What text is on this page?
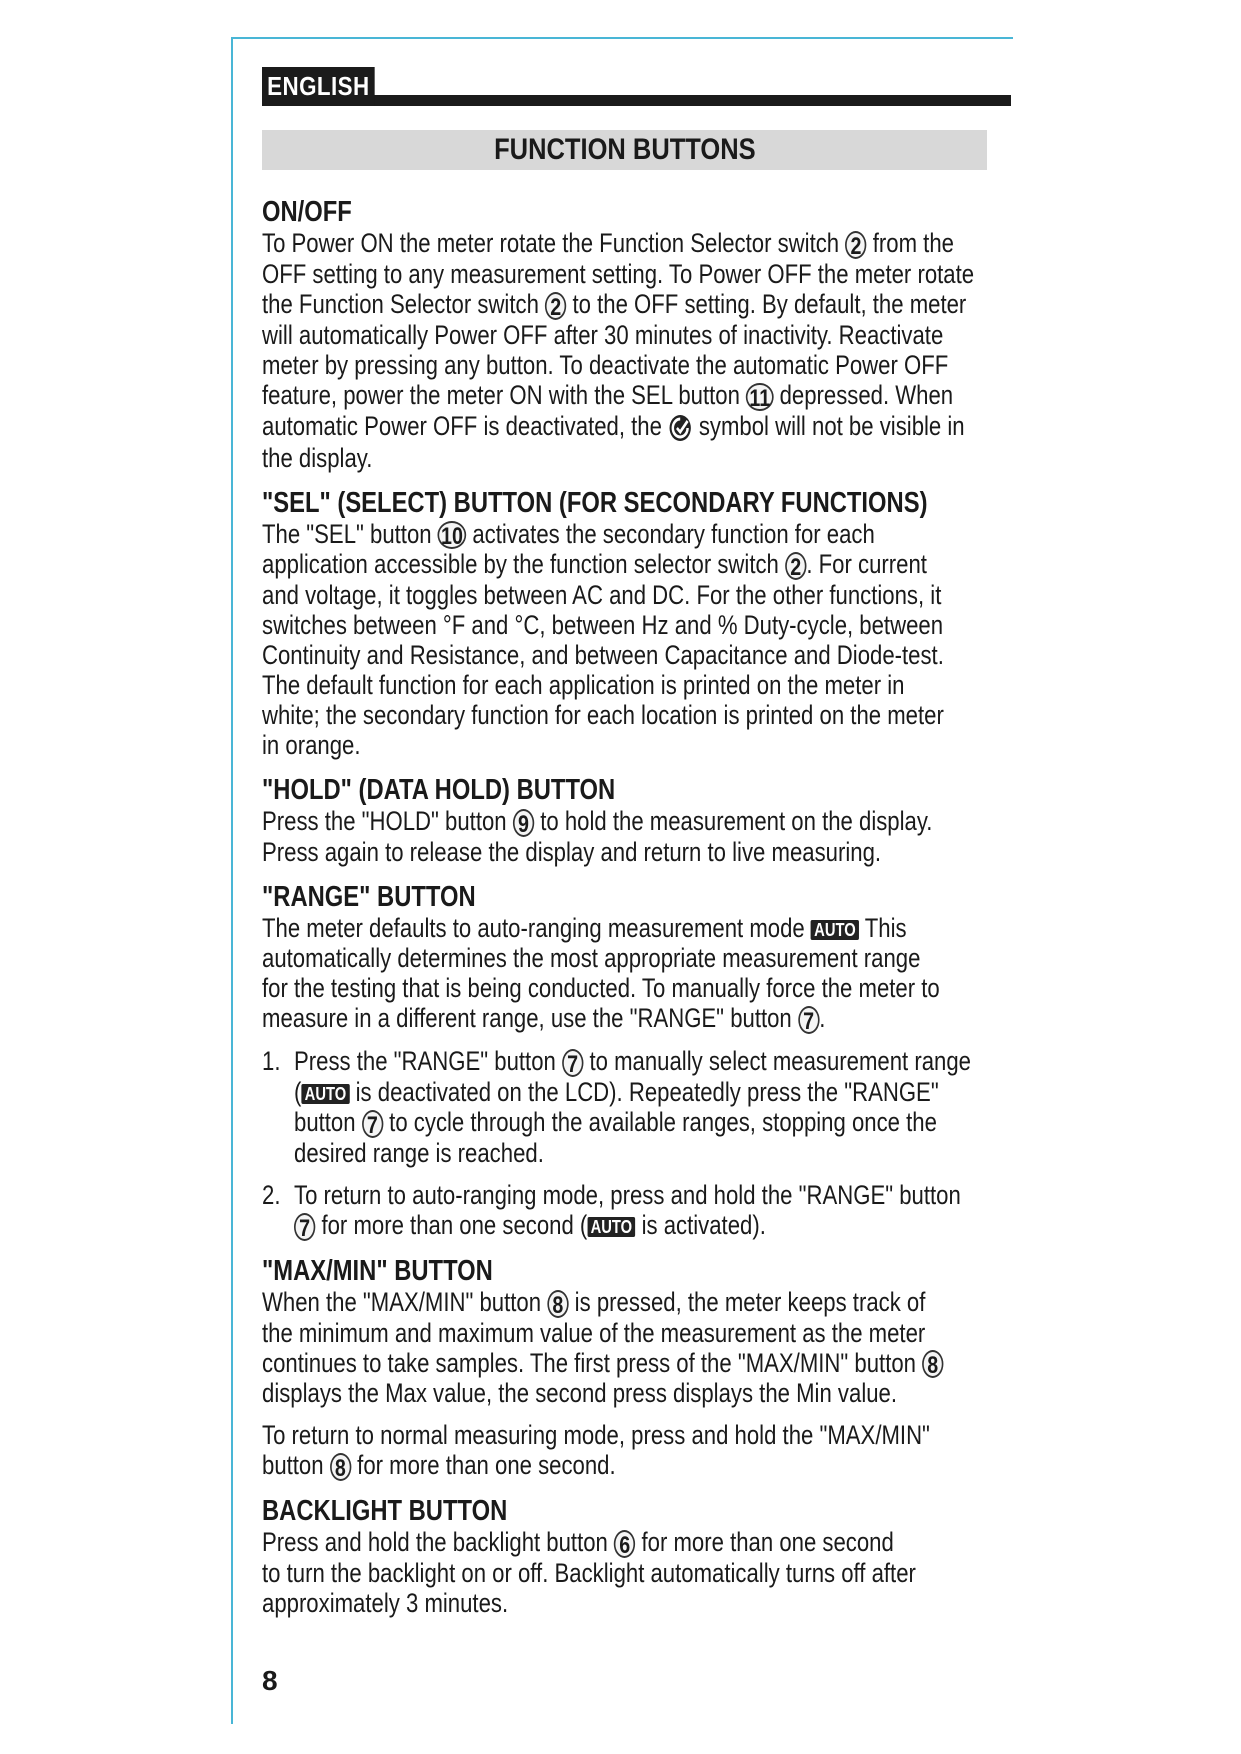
ENGLISH
FUNCTION BUTTONS
ON/OFF

To Power ON the meter rotate the Function Selector switch 2 from the

OFF setting to any measurement setting. To Power OFF the meter rotate

the Function Selector switch 2 to the OFF setting. By default, the meter

will automatically Power OFF after 30 minutes of inactivity. Reactivate

meter by pressing any button. To deactivate the automatic Power OFF

feature, power the meter ON with the SEL button 11 depressed. When

automatic Power OFF is deactivated, the  symbol will not be visible in

the display.

"SEL" (SELECT) BUTTON (FOR SECONDARY FUNCTIONS)

The "SEL" button 10 activates the secondary function for each

application accessible by the function selector switch 2 . For current

and voltage, it toggles between AC and DC. For the other functions, it

switches between °F and °C, between Hz and % Duty-cycle, between

Continuity and Resistance, and between Capacitance and Diode-test.

The default function for each application is printed on the meter in

white; the secondary function for each location is printed on the meter

in orange.

"HOLD" (DATA HOLD) BUTTON

Press the "HOLD" button 9 to hold the measurement on the display.

Press again to release the display and return to live measuring.

"RANGE" BUTTON

The meter defaults to auto-ranging measurement mode AUTO This

automatically determines the most appropriate measurement range

for the testing that is being conducted. To manually force the meter to

measure in a different range, use the "RANGE" button 7 .

1. Press the "RANGE" button 7 to manually select measurement range

( AUTO is deactivated on the LCD). Repeatedly press the "RANGE"

button 7 to cycle through the available ranges, stopping once the

desired range is reached.

2. To return to auto-ranging mode, press and hold the "RANGE" button

7 for more than one second ( AUTO is activated).

"MAX/MIN" BUTTON

When the "MAX/MIN" button 8 is pressed, the meter keeps track of

the minimum and maximum value of the measurement as the meter

continues to take samples. The first press of the "MAX/MIN" button 8

displays the Max value, the second press displays the Min value.

To return to normal measuring mode, press and hold the "MAX/MIN"

button 8 for more than one second.

BACKLIGHT BUTTON

Press and hold the backlight button 6 for more than one second

to turn the backlight on or off. Backlight automatically turns off after

approximately 3 minutes.

8
